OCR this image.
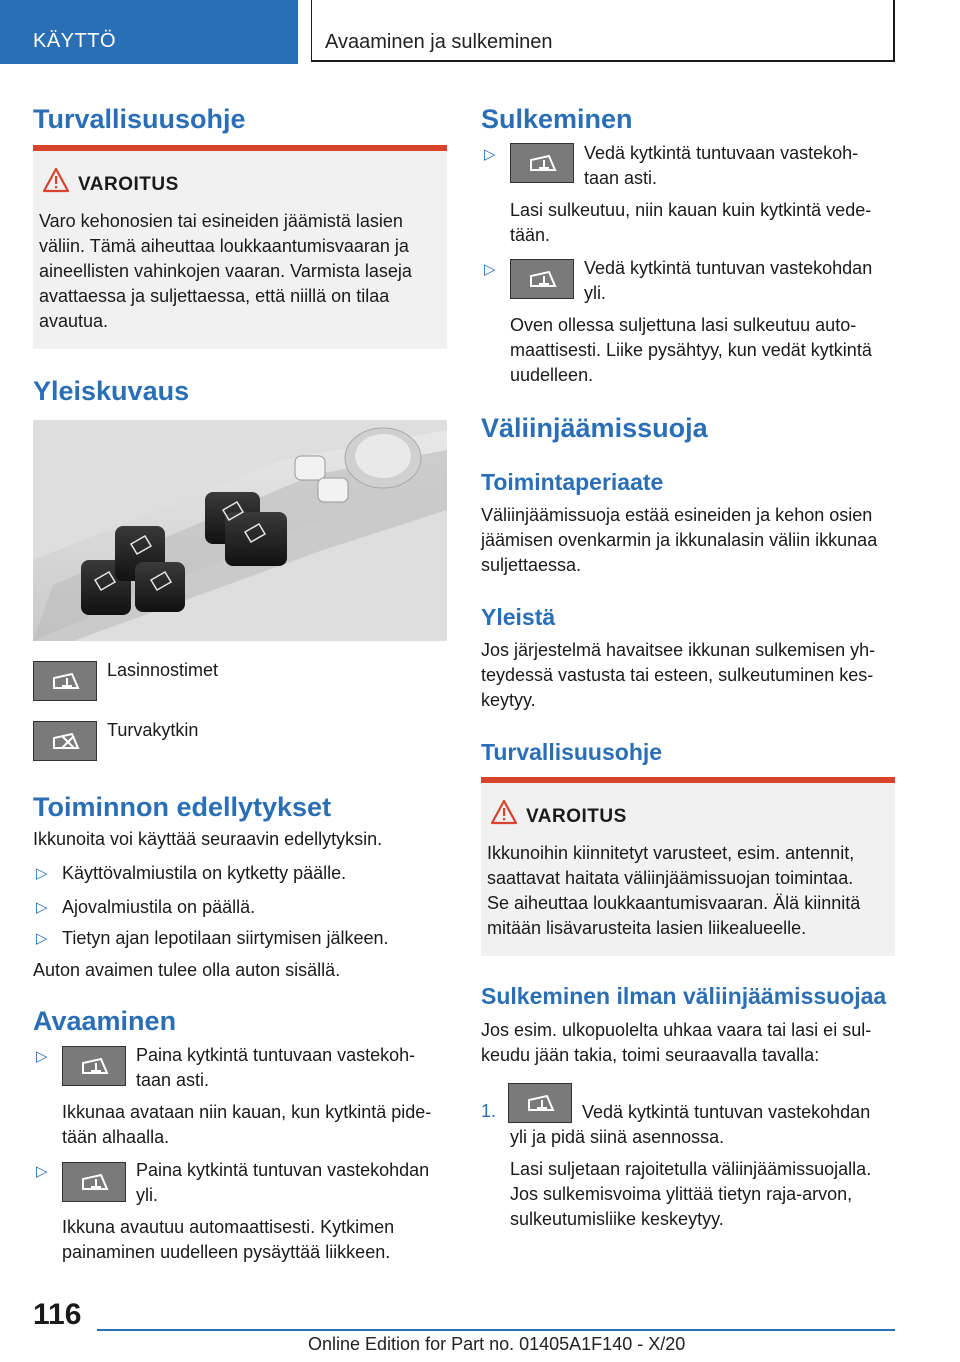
KÄYTTÖ	Avaaminen ja sulkeminen
Turvallisuusohje
VAROITUS
Varo kehonosien tai esineiden jäämistä lasien
väliin. Tämä aiheuttaa loukkaantumisvaaran ja
aineellisten vahinkojen vaaran. Varmista laseja
avattaessa ja suljettaessa, että niillä on tilaa
avautua.
Yleiskuvaus
Lasinnostimet
Turvakytkin
Toiminnon edellytykset
Ikkunoita voi käyttää seuraavin edellytyksin.
▷ Käyttövalmiustila on kytketty päälle.
▷ Ajovalmiustila on päällä.
▷ Tietyn ajan lepotilaan siirtymisen jälkeen.
Auton avaimen tulee olla auton sisällä.
Avaaminen
▷	Paina kytkintä tuntuvaan vastekoh-
taan asti.
Ikkunaa avataan niin kauan, kun kytkintä pide-
tään alhaalla.
▷	Paina kytkintä tuntuvan vastekohdan
yli.
Ikkuna avautuu automaattisesti. Kytkimen
painaminen uudelleen pysäyttää liikkeen.
Sulkeminen
▷	Vedä kytkintä tuntuvaan vastekoh-
taan asti.
Lasi sulkeutuu, niin kauan kuin kytkintä vede-
tään.
▷	Vedä kytkintä tuntuvan vastekohdan
yli.
Oven ollessa suljettuna lasi sulkeutuu auto-
maattisesti. Liike pysähtyy, kun vedät kytkintä
uudelleen.
Väliinjäämissuoja
Toimintaperiaate
Väliinjäämissuoja estää esineiden ja kehon osien
jäämisen ovenkarmin ja ikkunalasin väliin ikkunaa
suljettaessa.
Yleistä
Jos järjestelmä havaitsee ikkunan sulkemisen yh-
teydessä vastusta tai esteen, sulkeutuminen kes-
keytyy.
Turvallisuusohje
VAROITUS
Ikkunoihin kiinnitetyt varusteet, esim. antennit,
saattavat haitata väliinjäämissuojan toimintaa.
Se aiheuttaa loukkaantumisvaaran. Älä kiinnitä
mitään lisävarusteita lasien liikealueelle.
Sulkeminen ilman väliinjäämissuojaa
Jos esim. ulkopuolelta uhkaa vaara tai lasi ei sul-
keudu jään takia, toimi seuraavalla tavalla:
1.	Vedä kytkintä tuntuvan vastekohdan
yli ja pidä siinä asennossa.
Lasi suljetaan rajoitetulla väliinjäämissuojalla.
Jos sulkemisvoima ylittää tietyn raja-arvon,
sulkeutumisliike keskeytyy.
116
Online Edition for Part no. 01405A1F140 - X/20
